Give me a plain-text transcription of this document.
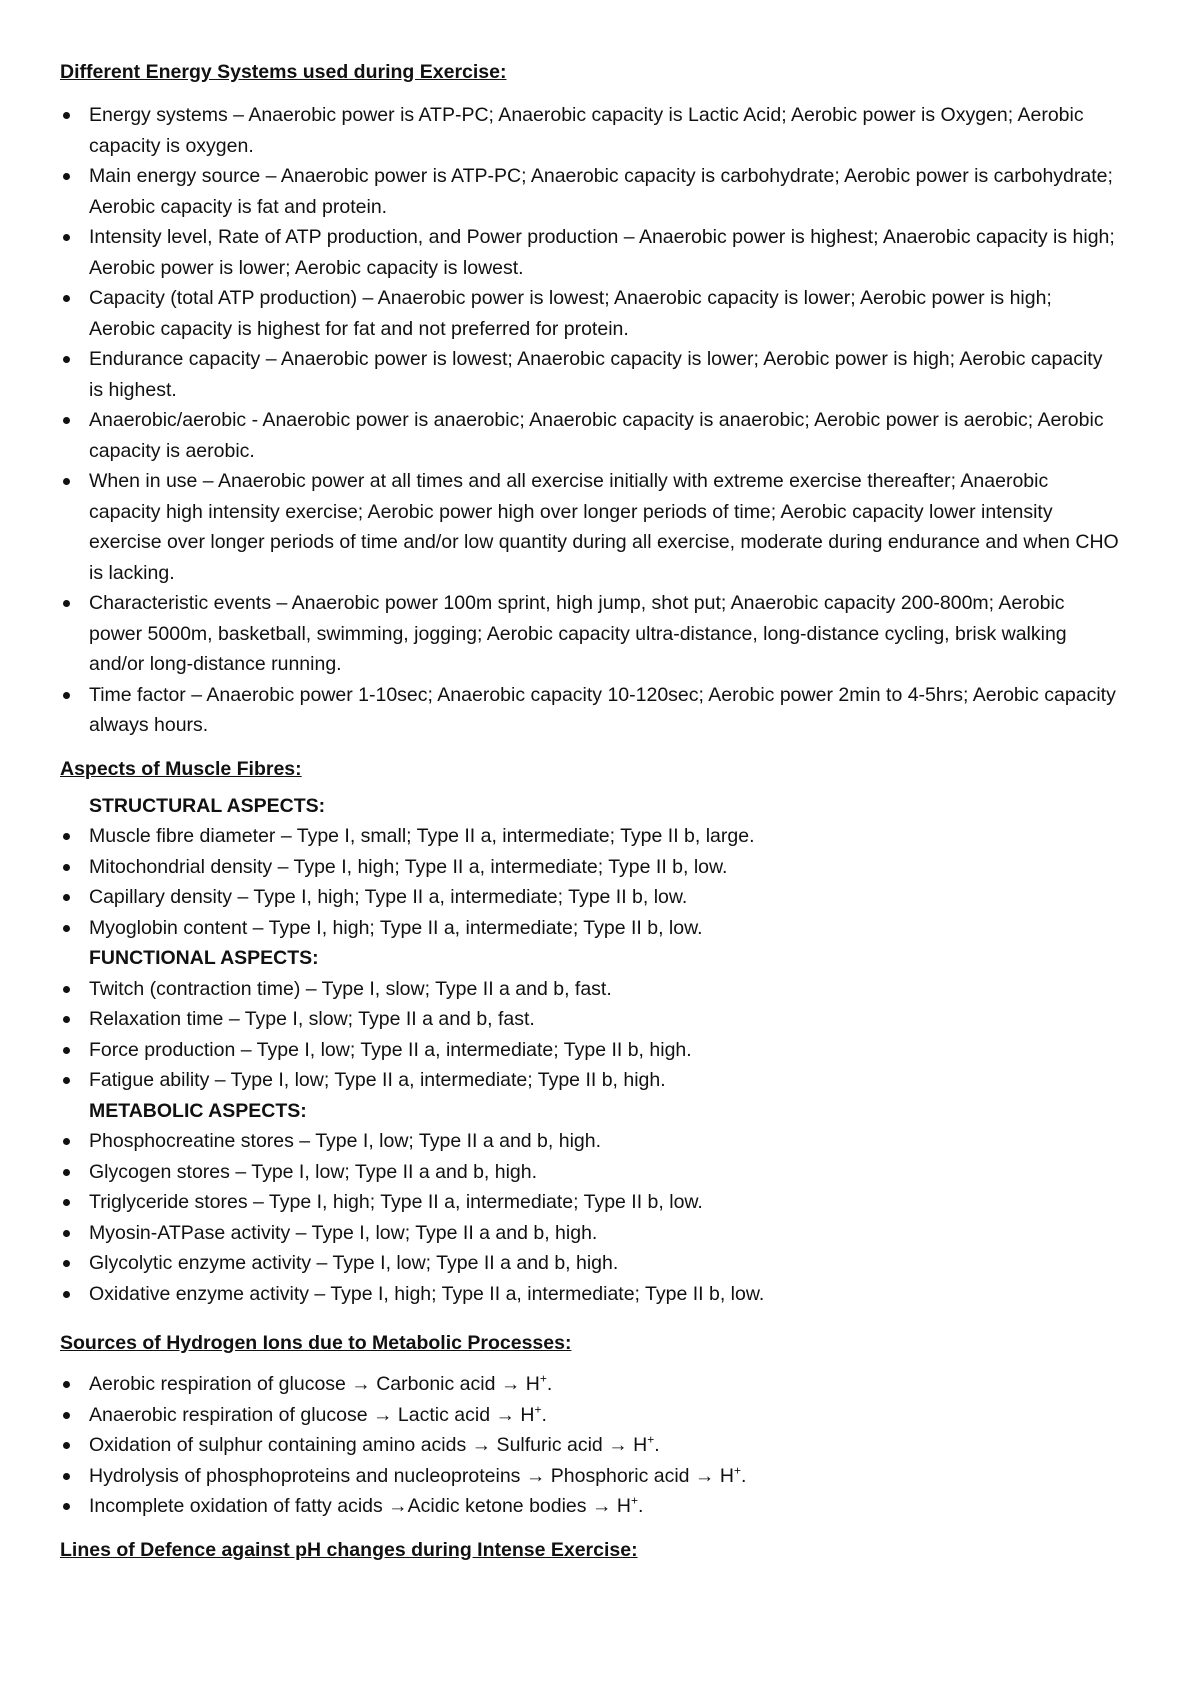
Different Energy Systems used during Exercise:
Energy systems – Anaerobic power is ATP-PC; Anaerobic capacity is Lactic Acid; Aerobic power is Oxygen; Aerobic capacity is oxygen.
Main energy source – Anaerobic power is ATP-PC; Anaerobic capacity is carbohydrate; Aerobic power is carbohydrate; Aerobic capacity is fat and protein.
Intensity level, Rate of ATP production, and Power production – Anaerobic power is highest; Anaerobic capacity is high; Aerobic power is lower; Aerobic capacity is lowest.
Capacity (total ATP production) – Anaerobic power is lowest; Anaerobic capacity is lower; Aerobic power is high; Aerobic capacity is highest for fat and not preferred for protein.
Endurance capacity – Anaerobic power is lowest; Anaerobic capacity is lower; Aerobic power is high; Aerobic capacity is highest.
Anaerobic/aerobic - Anaerobic power is anaerobic; Anaerobic capacity is anaerobic; Aerobic power is aerobic; Aerobic capacity is aerobic.
When in use – Anaerobic power at all times and all exercise initially with extreme exercise thereafter; Anaerobic capacity high intensity exercise; Aerobic power high over longer periods of time; Aerobic capacity lower intensity exercise over longer periods of time and/or low quantity during all exercise, moderate during endurance and when CHO is lacking.
Characteristic events – Anaerobic power 100m sprint, high jump, shot put; Anaerobic capacity 200-800m; Aerobic power 5000m, basketball, swimming, jogging; Aerobic capacity ultra-distance, long-distance cycling, brisk walking and/or long-distance running.
Time factor – Anaerobic power 1-10sec; Anaerobic capacity 10-120sec; Aerobic power 2min to 4-5hrs; Aerobic capacity always hours.
Aspects of Muscle Fibres:
STRUCTURAL ASPECTS:
Muscle fibre diameter – Type I, small; Type II a, intermediate; Type II b, large.
Mitochondrial density – Type I, high; Type II a, intermediate; Type II b, low.
Capillary density – Type I, high; Type II a, intermediate; Type II b, low.
Myoglobin content – Type I, high; Type II a, intermediate; Type II b, low.
FUNCTIONAL ASPECTS:
Twitch (contraction time) – Type I, slow; Type II a and b, fast.
Relaxation time – Type I, slow; Type II a and b, fast.
Force production – Type I, low; Type II a, intermediate; Type II b, high.
Fatigue ability – Type I, low; Type II a, intermediate; Type II b, high.
METABOLIC ASPECTS:
Phosphocreatine stores – Type I, low; Type II a and b, high.
Glycogen stores – Type I, low; Type II a and b, high.
Triglyceride stores – Type I, high; Type II a, intermediate; Type II b, low.
Myosin-ATPase activity – Type I, low; Type II a and b, high.
Glycolytic enzyme activity – Type I, low; Type II a and b, high.
Oxidative enzyme activity – Type I, high; Type II a, intermediate; Type II b, low.
Sources of Hydrogen Ions due to Metabolic Processes:
Aerobic respiration of glucose → Carbonic acid → H+.
Anaerobic respiration of glucose → Lactic acid → H+.
Oxidation of sulphur containing amino acids → Sulfuric acid → H+.
Hydrolysis of phosphoproteins and nucleoproteins → Phosphoric acid → H+.
Incomplete oxidation of fatty acids →Acidic ketone bodies → H+.
Lines of Defence against pH changes during Intense Exercise:
